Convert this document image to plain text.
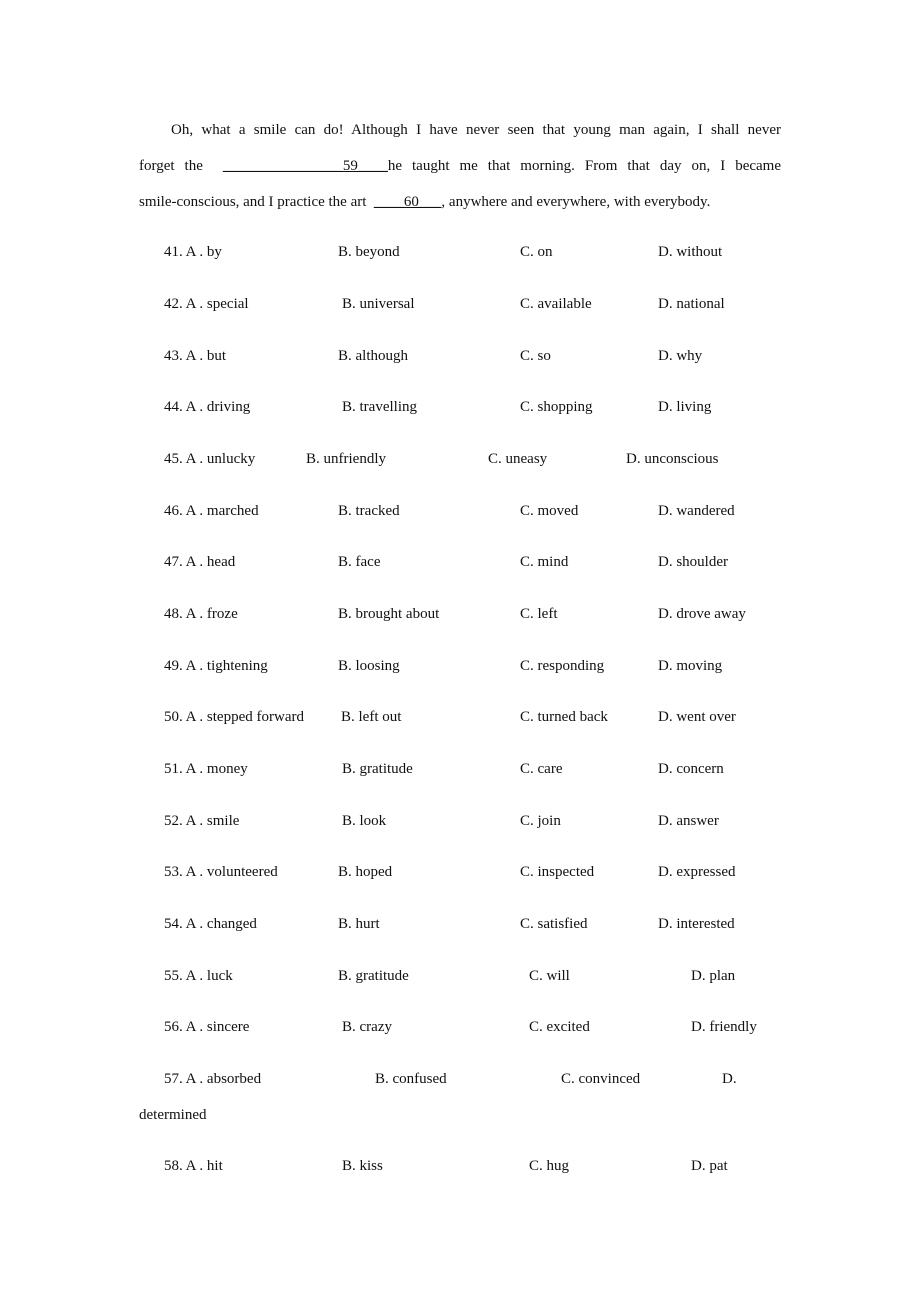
Oh, what a smile can do! Although I have never seen that young man again, I shall never
forget the ________________59____he taught me that morning. From that day on, I became
smile-conscious, and I practice the art ____60___, anywhere and everywhere, with everybody.
41. A . by	B. beyond	C. on	D. without
42. A . special	B. universal	C. available	D. national
43. A . but	B. although	C. so	D. why
44. A . driving	B. travelling	C. shopping	D. living
45. A . unlucky	B. unfriendly	C. uneasy	D. unconscious
46. A . marched	B. tracked	C. moved	D. wandered
47. A . head	B. face	C. mind	D. shoulder
48. A . froze	B. brought about	C. left	D. drove away
49. A . tightening	B. loosing	C. responding	D. moving
50. A . stepped forward B. left out	C. turned back	D. went over
51. A . money	B. gratitude	C. care	D. concern
52. A . smile	B. look	C. join	D. answer
53. A . volunteered	B. hoped	C. inspected	D. expressed
54. A . changed	B. hurt	C. satisfied	D. interested
55. A . luck	B. gratitude	C. will	D. plan
56. A . sincere	B. crazy	C. excited	D. friendly
57. A . absorbed	B. confused	C. convinced	D.
determined
58. A . hit	B. kiss	C. hug	D. pat
